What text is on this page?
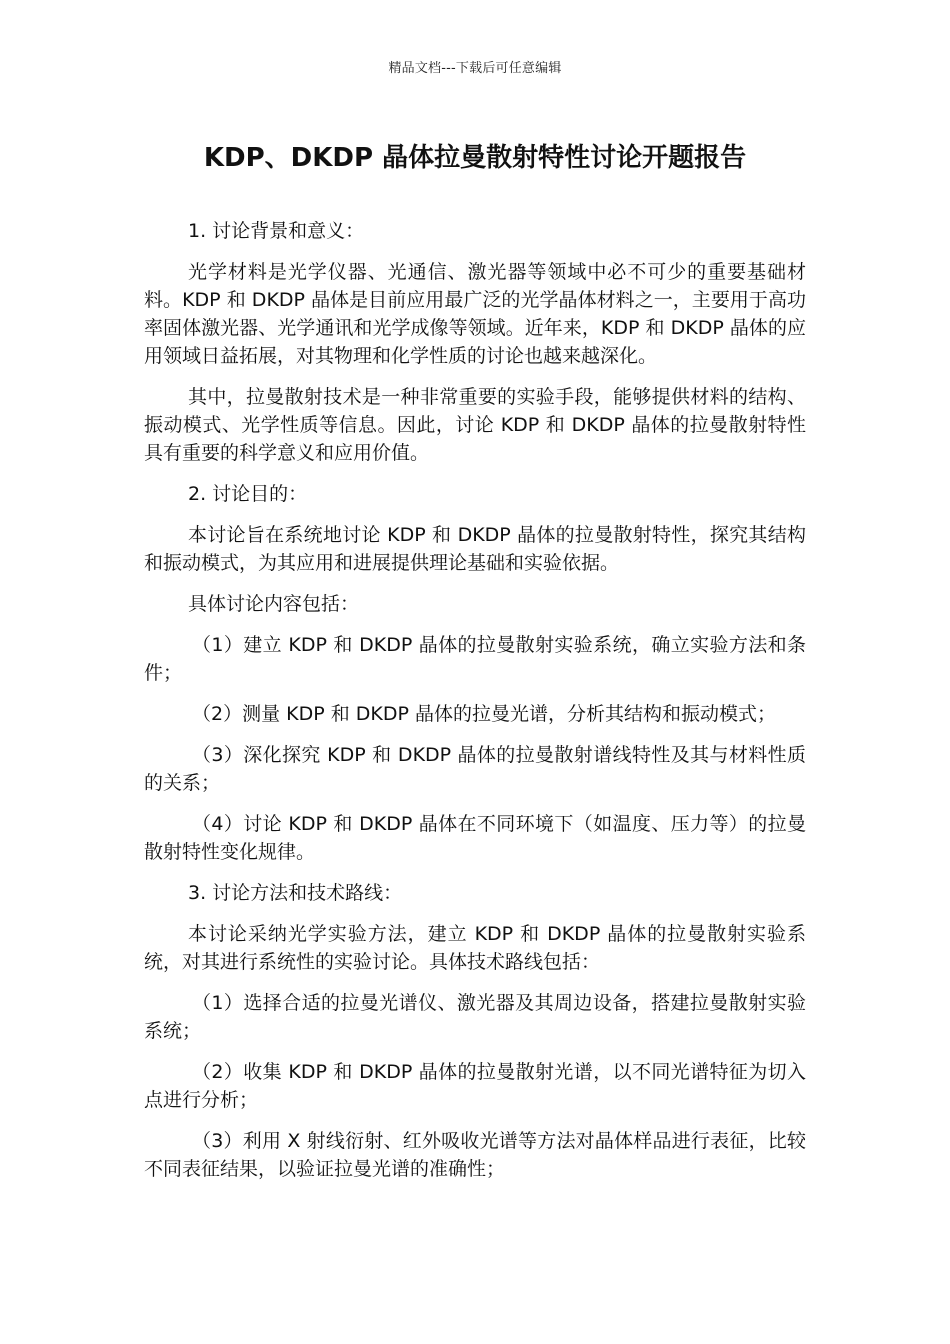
精品文档---下载后可任意编辑
KDP、DKDP 晶体拉曼散射特性讨论开题报告

1. 讨论背景和意义：

光学材料是光学仪器、光通信、激光器等领域中必不可少的重要基础材料。KDP 和 DKDP 晶体是目前应用最广泛的光学晶体材料之一，主要用于高功率固体激光器、光学通讯和光学成像等领域。近年来，KDP 和 DKDP 晶体的应用领域日益拓展，对其物理和化学性质的讨论也越来越深化。

其中，拉曼散射技术是一种非常重要的实验手段，能够提供材料的结构、振动模式、光学性质等信息。因此，讨论 KDP 和 DKDP 晶体的拉曼散射特性具有重要的科学意义和应用价值。

2. 讨论目的：

本讨论旨在系统地讨论 KDP 和 DKDP 晶体的拉曼散射特性，探究其结构和振动模式，为其应用和进展提供理论基础和实验依据。

具体讨论内容包括：

（1）建立 KDP 和 DKDP 晶体的拉曼散射实验系统，确立实验方法和条件；

（2）测量 KDP 和 DKDP 晶体的拉曼光谱，分析其结构和振动模式；

（3）深化探究 KDP 和 DKDP 晶体的拉曼散射谱线特性及其与材料性质的关系；

（4）讨论 KDP 和 DKDP 晶体在不同环境下（如温度、压力等）的拉曼散射特性变化规律。

3. 讨论方法和技术路线：

本讨论采纳光学实验方法，建立 KDP 和 DKDP 晶体的拉曼散射实验系统，对其进行系统性的实验讨论。具体技术路线包括：

（1）选择合适的拉曼光谱仪、激光器及其周边设备，搭建拉曼散射实验系统；

（2）收集 KDP 和 DKDP 晶体的拉曼散射光谱，以不同光谱特征为切入点进行分析；

（3）利用 X 射线衍射、红外吸收光谱等方法对晶体样品进行表征，比较不同表征结果，以验证拉曼光谱的准确性；
